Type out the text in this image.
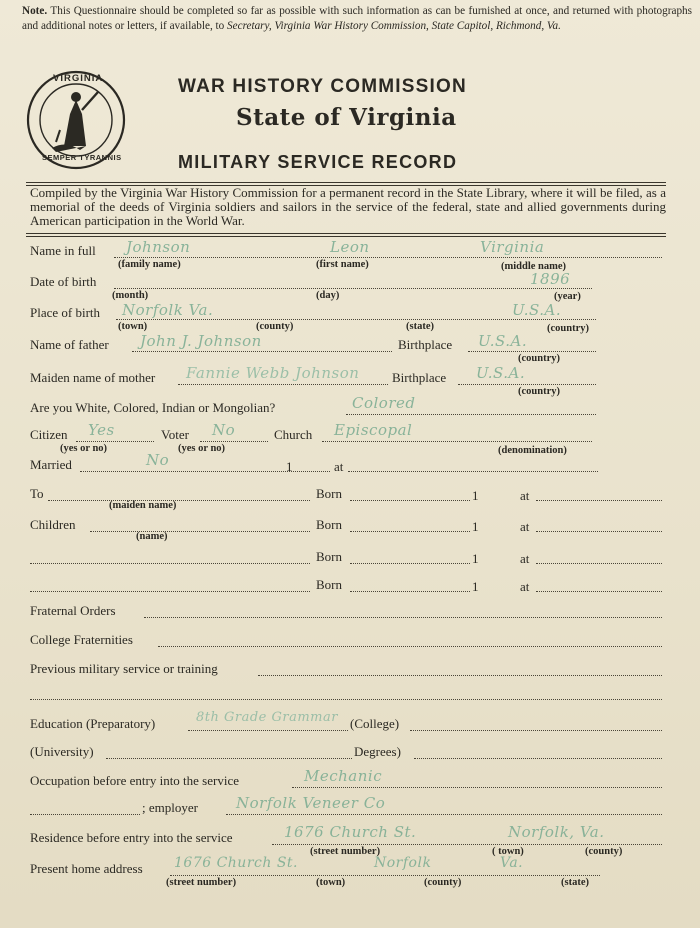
Note. This Questionnaire should be completed so far as possible with such information as can be furnished at once, and returned with photographs and additional notes or letters, if available, to Secretary, Virginia War History Commission, State Capitol, Richmond, Va.
VIRGINIA
SEMPER TYRANNIS
WAR HISTORY COMMISSION
State of Virginia
MILITARY SERVICE RECORD
Compiled by the Virginia War History Commission for a permanent record in the State Library, where it will be filed, as a memorial of the deeds of Virginia soldiers and sailors in the service of the federal, state and allied governments during American participation in the World War.
Name in full Johnson	Leon	Virginia
(family name)	(first name)	(middle name)
Date of birth	1896
(month)	(day)	(year)
Place of birth Norfolk Va.	U.S.A.
(town)	(county)	(state)	(country)
Name of father John J. Johnson	Birthplace U.S.A.
(country)
Maiden name of mother Fannie Webb Johnson	Birthplace U.S.A.
(country)
Are you White, Colored, Indian or Mongolian?	Colored
Citizen Yes	Voter No	Church Episcopal
(yes or no)	(yes or no)	(denomination)
Married	No	1	at
To	Born	1	at
(maiden name)
Children	Born	1	at
(name)
Born	1	at
Born	1	at
Fraternal Orders
College Fraternities
Previous military service or training
Education (Preparatory)	8th Grade Grammar (College)
(University)	Degrees)
Occupation before entry into the service	Mechanic
; employer	Norfolk Veneer Co
Residence before entry into the service	1676 Church St.	Norfolk, Va.
(street number)	( town)	(county)
Present home address 1676 Church St.	Norfolk	Va.
(street number)	(town)	(county)	(state)
